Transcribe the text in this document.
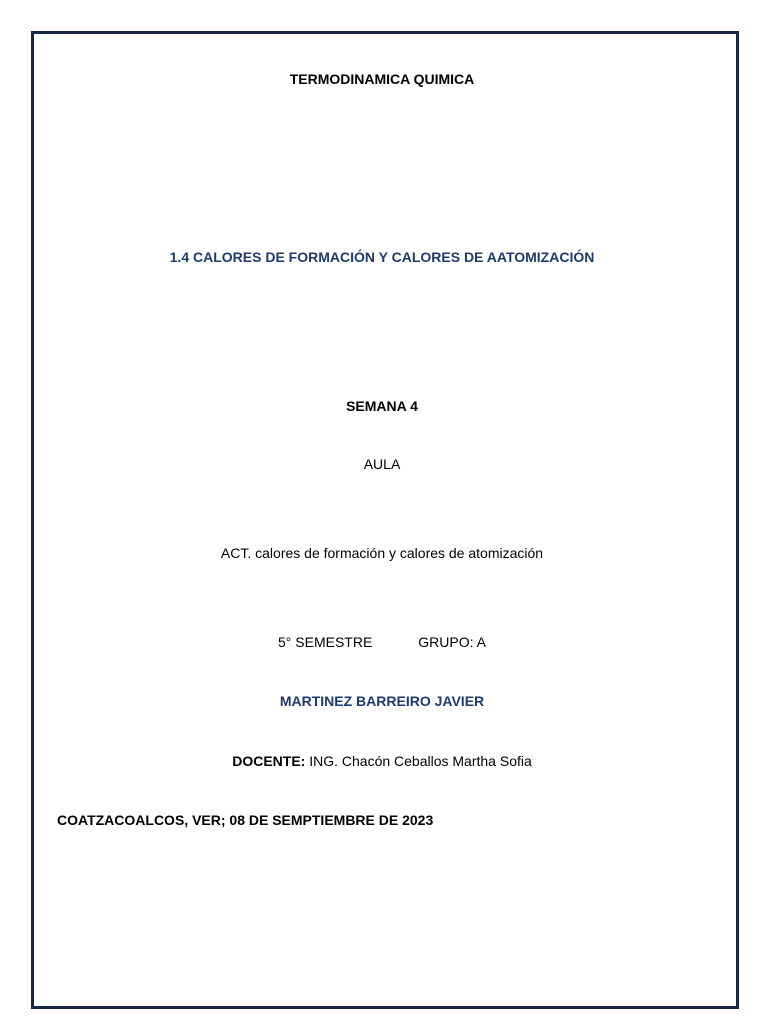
TERMODINAMICA QUIMICA
1.4 CALORES DE FORMACIÓN Y CALORES DE AATOMIZACIÓN
SEMANA 4
AULA
ACT. calores de formación y calores de atomización
5° SEMESTRE	GRUPO: A
MARTINEZ BARREIRO JAVIER
DOCENTE: ING. Chacón Ceballos Martha Sofia
COATZACOALCOS, VER; 08 DE SEMPTIEMBRE DE 2023
